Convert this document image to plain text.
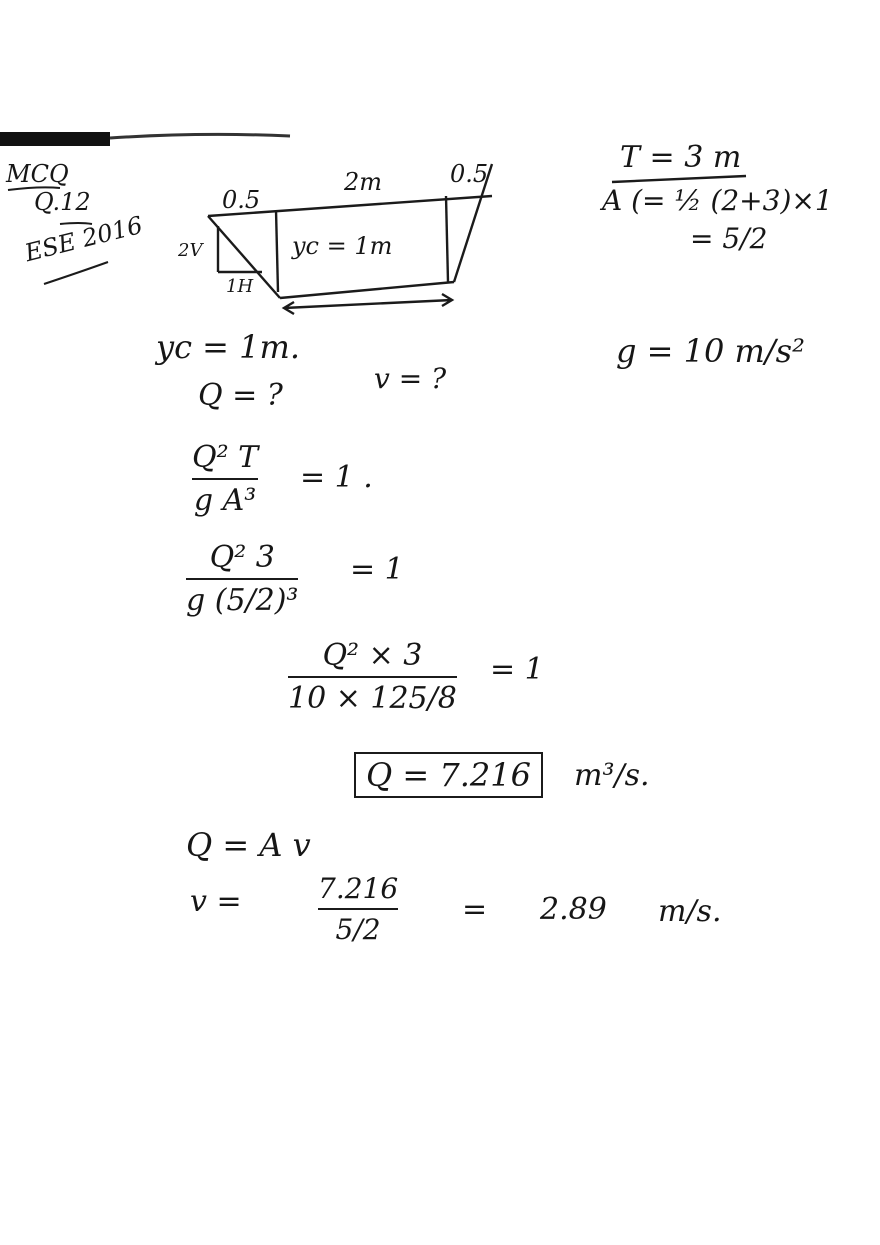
MCQ
Q.12
ESE 2016
0.5
2m	0.5
2V
1H
yc = 1m
T = 3 m
A (= ½ (2+3)×1
= 5/2
g = 10 m/s²
yc = 1m.
Q = ?	v = ?
Q² T
g A³
= 1 .
Q² 3
g (5/2)³
= 1
Q² × 3
10 × 125/8
= 1
Q = 7.216	m³/s.
Q = A v
v =	7.216
5/2
= 2.89 m/s.
